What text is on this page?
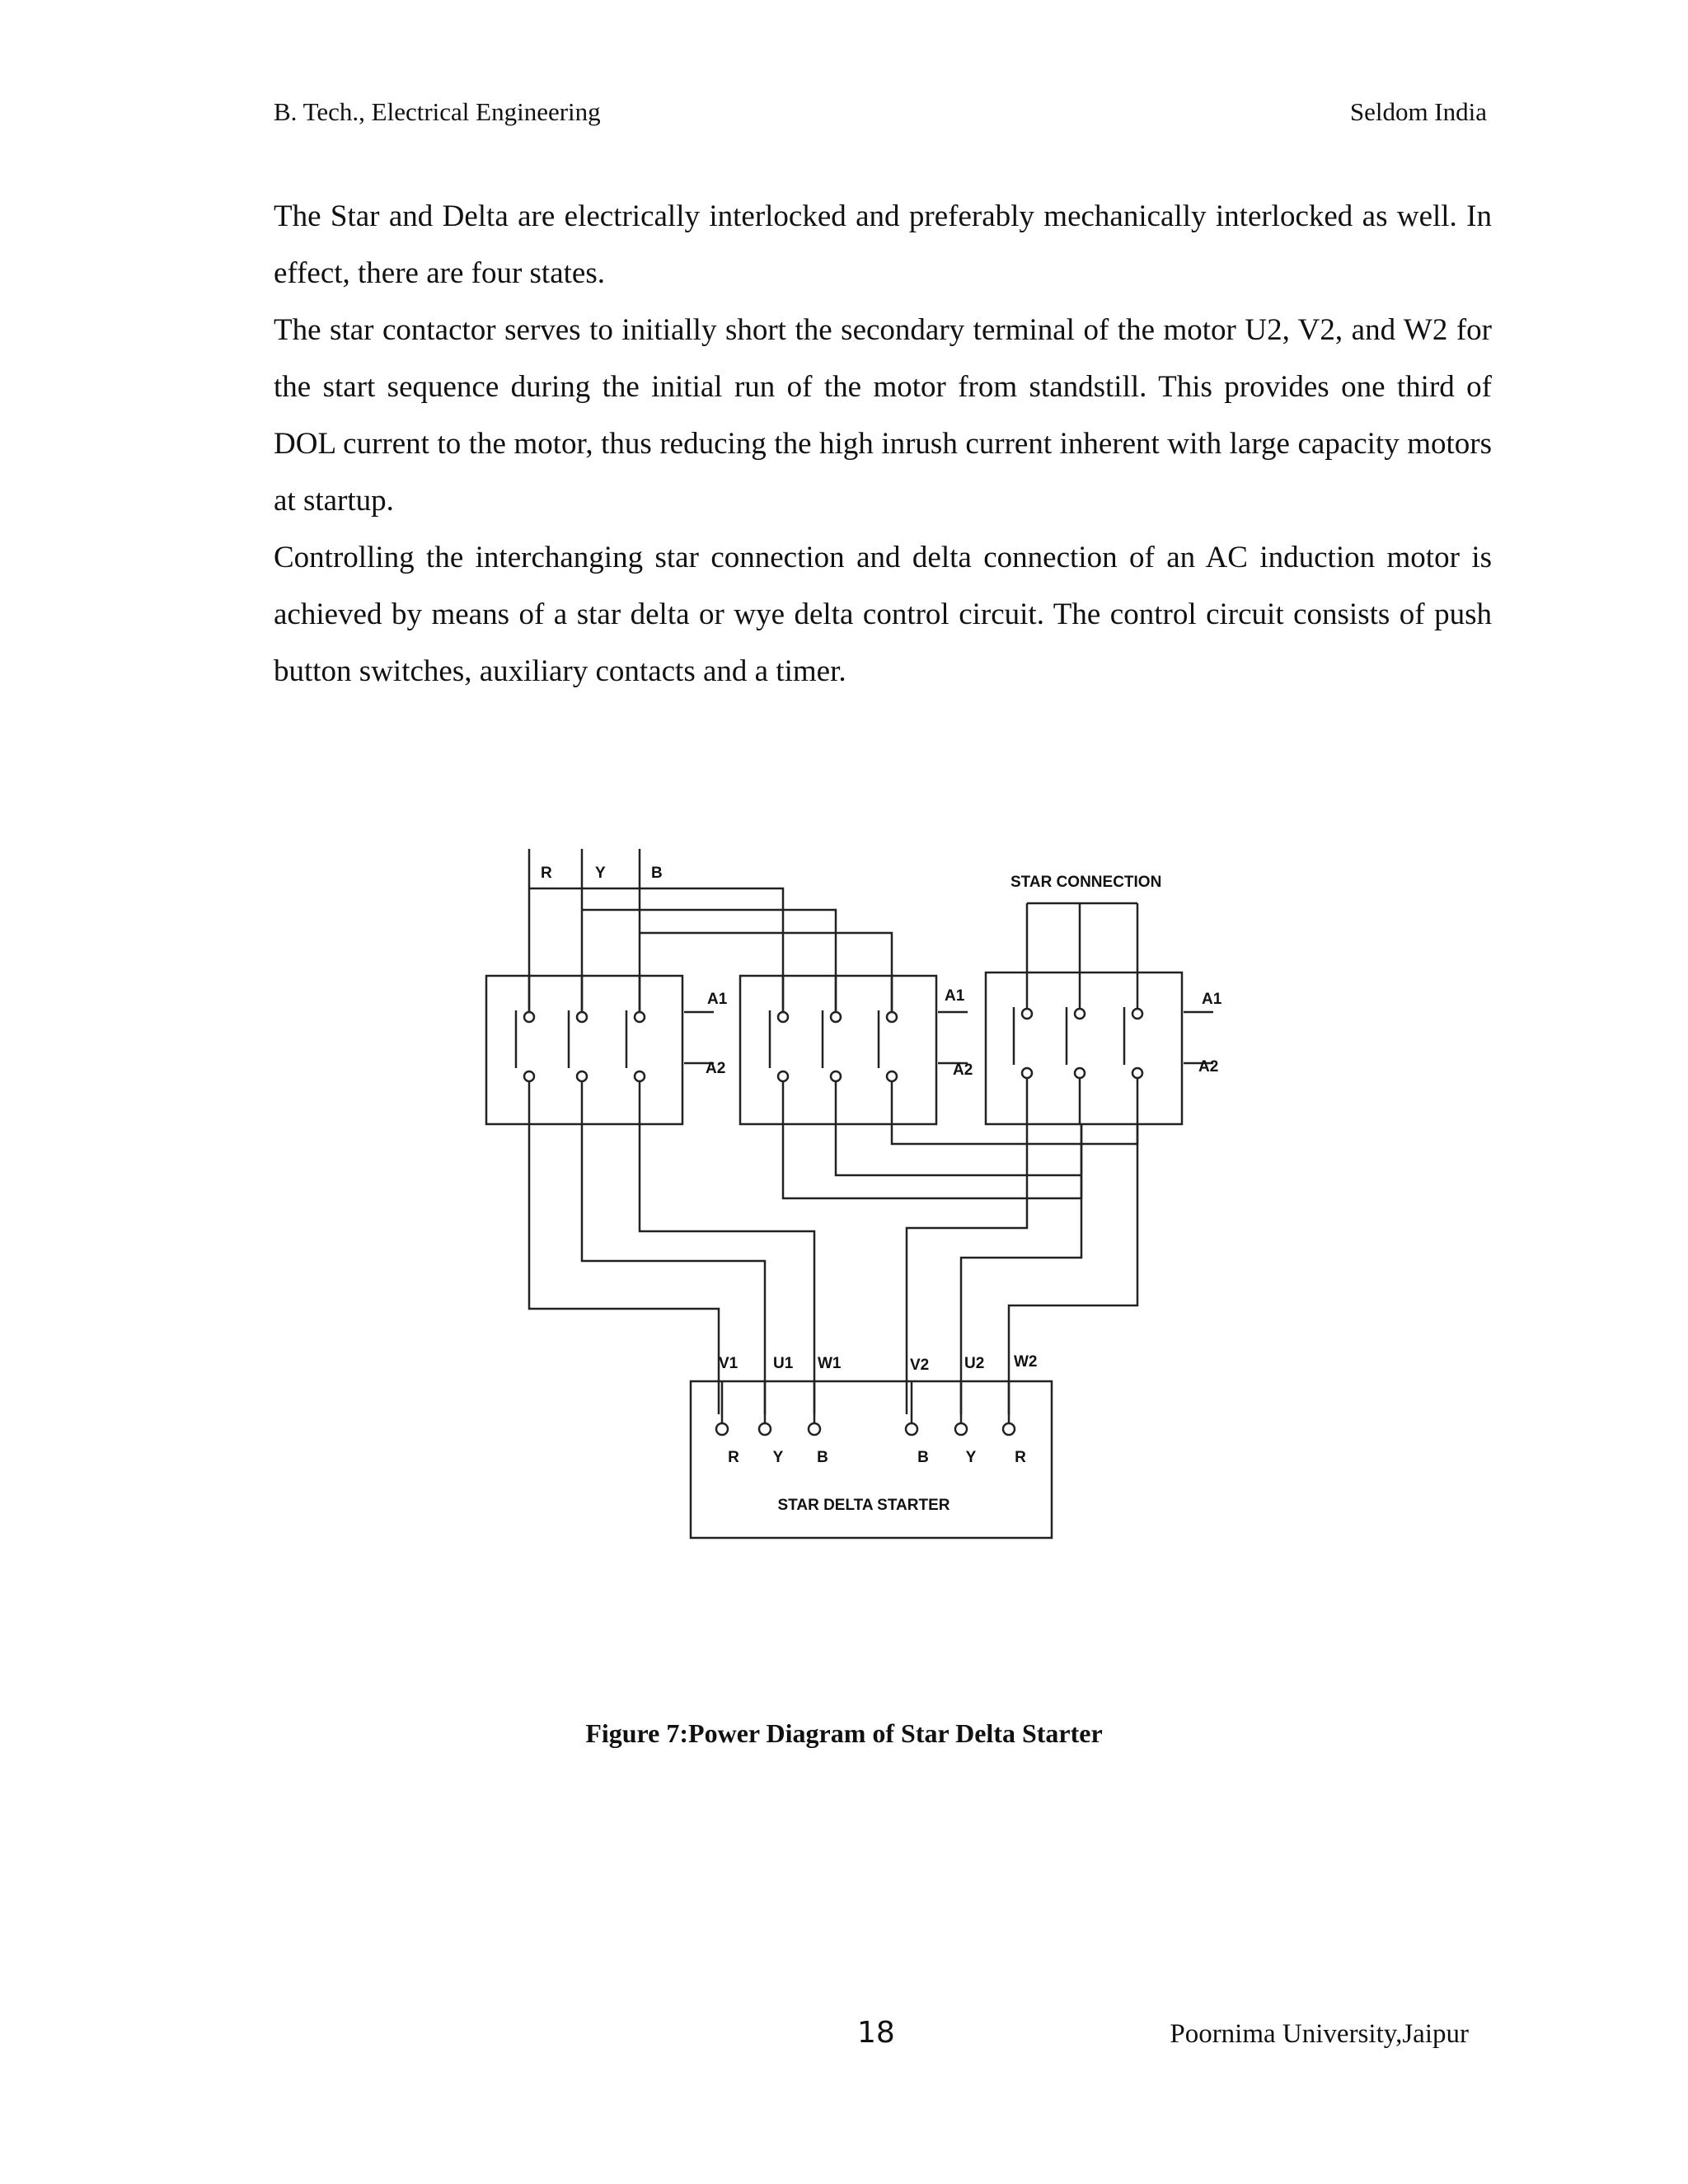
B. Tech., Electrical Engineering	Seldom India

The Star and Delta are electrically interlocked and preferably mechanically interlocked as well. In effect, there are four states.

The star contactor serves to initially short the secondary terminal of the motor U2, V2, and W2 for the start sequence during the initial run of the motor from standstill. This provides one third of DOL current to the motor, thus reducing the high inrush current inherent with large capacity motors at startup.

Controlling the interchanging star connection and delta connection of an AC induction motor is achieved by means of a star delta or wye delta control circuit. The control circuit consists of push button switches, auxiliary contacts and a timer.

R	Y	B
A1
A2
A1
A2
A1
A2
STAR CONNECTION
V1 U1 W1	V2 U2 W2
R Y B	B Y R
STAR DELTA STARTER
Figure 7:Power Diagram of Star Delta Starter
18	Poornima University,Jaipur
